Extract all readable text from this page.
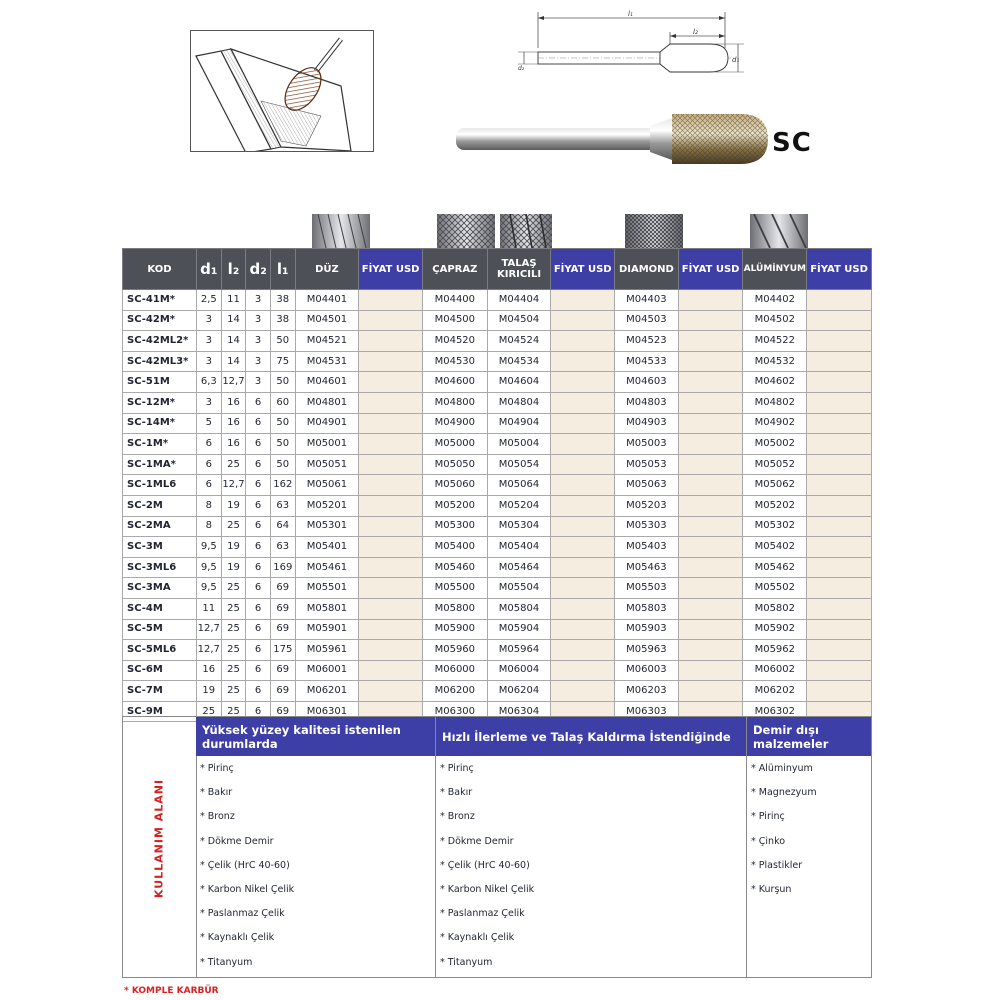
l₁
l₂
d₂
d₁
SC
KOD	d₁	l₂	d₂	l₁	DÜZ	FİYAT USD	ÇAPRAZ	TALAŞ KIRICILI	FİYAT USD	DIAMOND	FİYAT USD	ALÜMİNYUM	FİYAT USD
SC-41M*	2,5	11	3	38	M04401		M04400	M04404		M04403		M04402	
SC-42M*	3	14	3	38	M04501		M04500	M04504		M04503		M04502	
SC-42ML2*	3	14	3	50	M04521		M04520	M04524		M04523		M04522	
SC-42ML3*	3	14	3	75	M04531		M04530	M04534		M04533		M04532	
SC-51M	6,3	12,7	3	50	M04601		M04600	M04604		M04603		M04602	
SC-12M*	3	16	6	60	M04801		M04800	M04804		M04803		M04802	
SC-14M*	5	16	6	50	M04901		M04900	M04904		M04903		M04902	
SC-1M*	6	16	6	50	M05001		M05000	M05004		M05003		M05002	
SC-1MA*	6	25	6	50	M05051		M05050	M05054		M05053		M05052	
SC-1ML6	6	12,7	6	162	M05061		M05060	M05064		M05063		M05062	
SC-2M	8	19	6	63	M05201		M05200	M05204		M05203		M05202	
SC-2MA	8	25	6	64	M05301		M05300	M05304		M05303		M05302	
SC-3M	9,5	19	6	63	M05401		M05400	M05404		M05403		M05402	
SC-3ML6	9,5	19	6	169	M05461		M05460	M05464		M05463		M05462	
SC-3MA	9,5	25	6	69	M05501		M05500	M05504		M05503		M05502	
SC-4M	11	25	6	69	M05801		M05800	M05804		M05803		M05802	
SC-5M	12,7	25	6	69	M05901		M05900	M05904		M05903		M05902	
SC-5ML6	12,7	25	6	175	M05961		M05960	M05964		M05963		M05962	
SC-6M	16	25	6	69	M06001		M06000	M06004		M06003		M06002	
SC-7M	19	25	6	69	M06201		M06200	M06204		M06203		M06202	
SC-9M	25	25	6	69	M06301		M06300	M06304		M06303		M06302	
KULLANIM ALANI
Yüksek yüzey kalitesi istenilen durumlarda
* Pirinç
* Bakır
* Bronz
* Dökme Demir
* Çelik (HrC 40-60)
* Karbon Nikel Çelik
* Paslanmaz Çelik
* Kaynaklı Çelik
* Titanyum
Hızlı İlerleme ve Talaş Kaldırma İstendiğinde
* Pirinç
* Bakır
* Bronz
* Dökme Demir
* Çelik (HrC 40-60)
* Karbon Nikel Çelik
* Paslanmaz Çelik
* Kaynaklı Çelik
* Titanyum
Demir dışı malzemeler
* Alüminyum
* Magnezyum
* Pirinç
* Çinko
* Plastikler
* Kurşun
* KOMPLE KARBÜR
